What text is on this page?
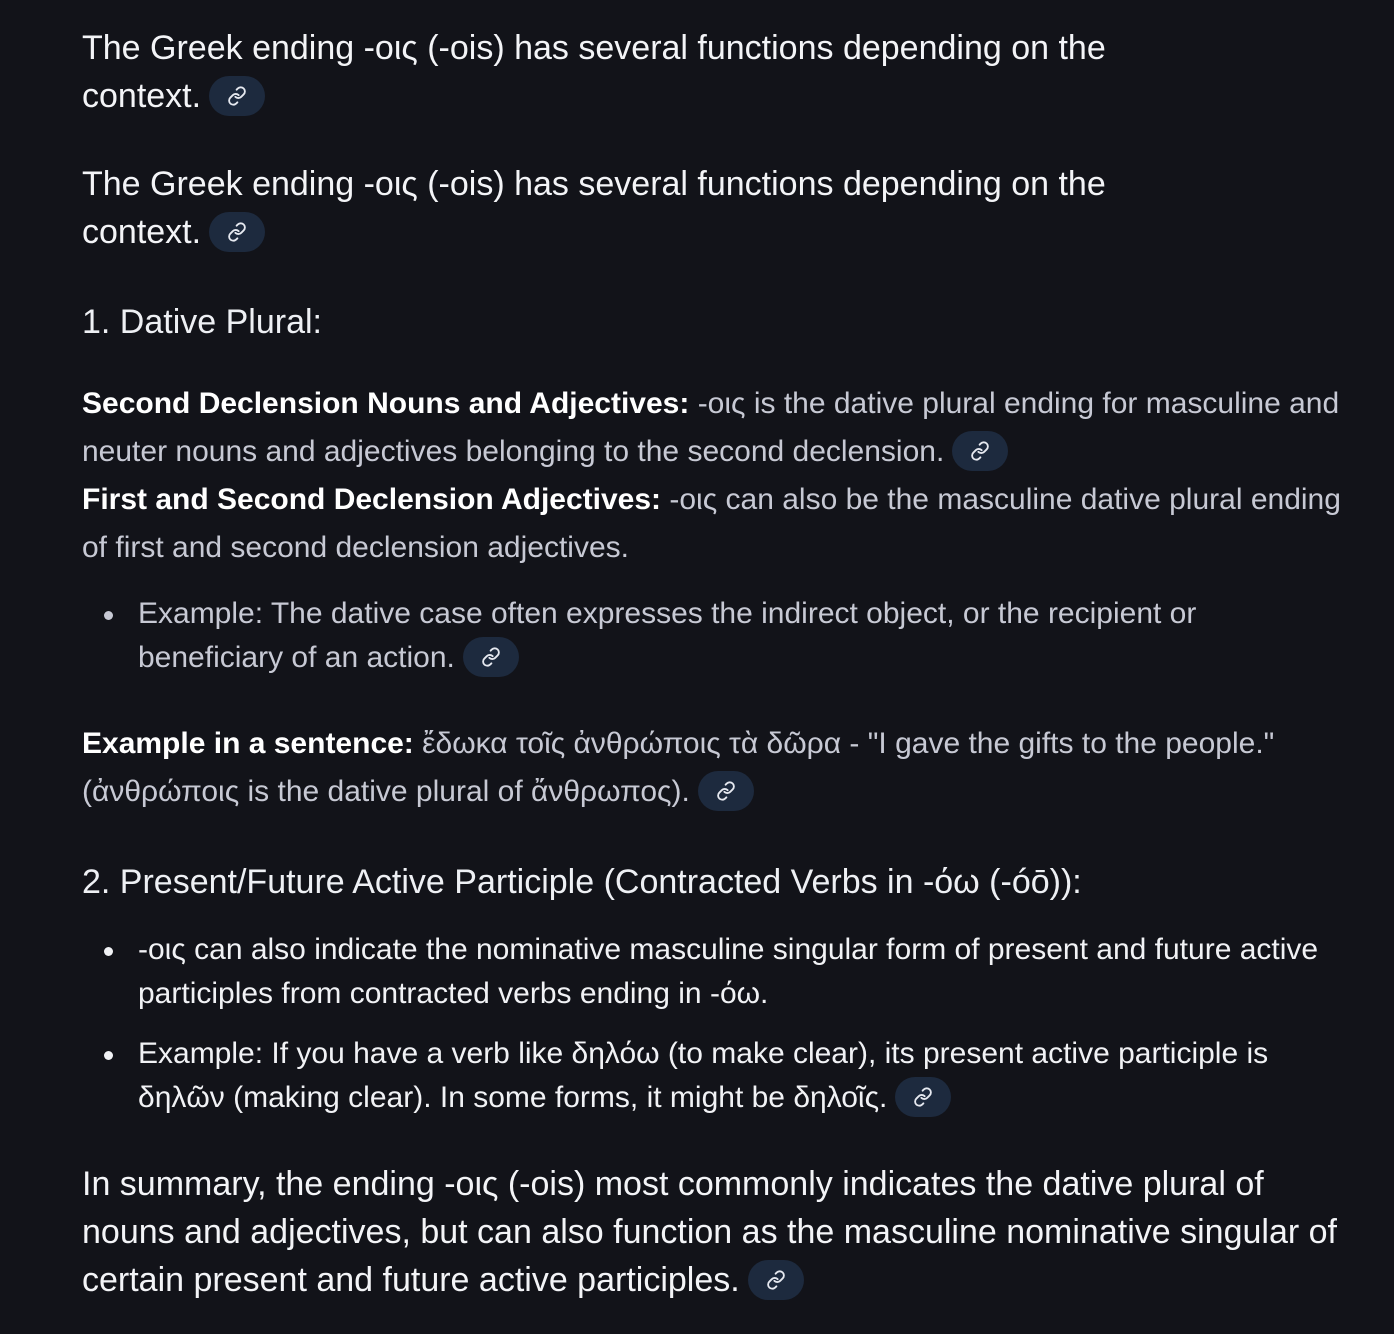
The Greek ending -οις (-ois) has several functions depending on the context.

The Greek ending -οις (-ois) has several functions depending on the context.

1. Dative Plural:

Second Declension Nouns and Adjectives: -οις is the dative plural ending for masculine and neuter nouns and adjectives belonging to the second declension.

First and Second Declension Adjectives: -οις can also be the masculine dative plural ending of first and second declension adjectives.

Example: The dative case often expresses the indirect object, or the recipient or beneficiary of an action.

Example in a sentence: ἔδωκα τοῖς ἀνθρώποις τὰ δῶρα - "I gave the gifts to the people." (ἀνθρώποις is the dative plural of ἄνθρωπος).

2. Present/Future Active Participle (Contracted Verbs in -όω (-óō)):
-οις can also indicate the nominative masculine singular form of present and future active participles from contracted verbs ending in -όω.
Example: If you have a verb like δηλόω (to make clear), its present active participle is δηλῶν (making clear). In some forms, it might be δηλοῖς.

In summary, the ending -οις (-ois) most commonly indicates the dative plural of nouns and adjectives, but can also function as the masculine nominative singular of certain present and future active participles.
